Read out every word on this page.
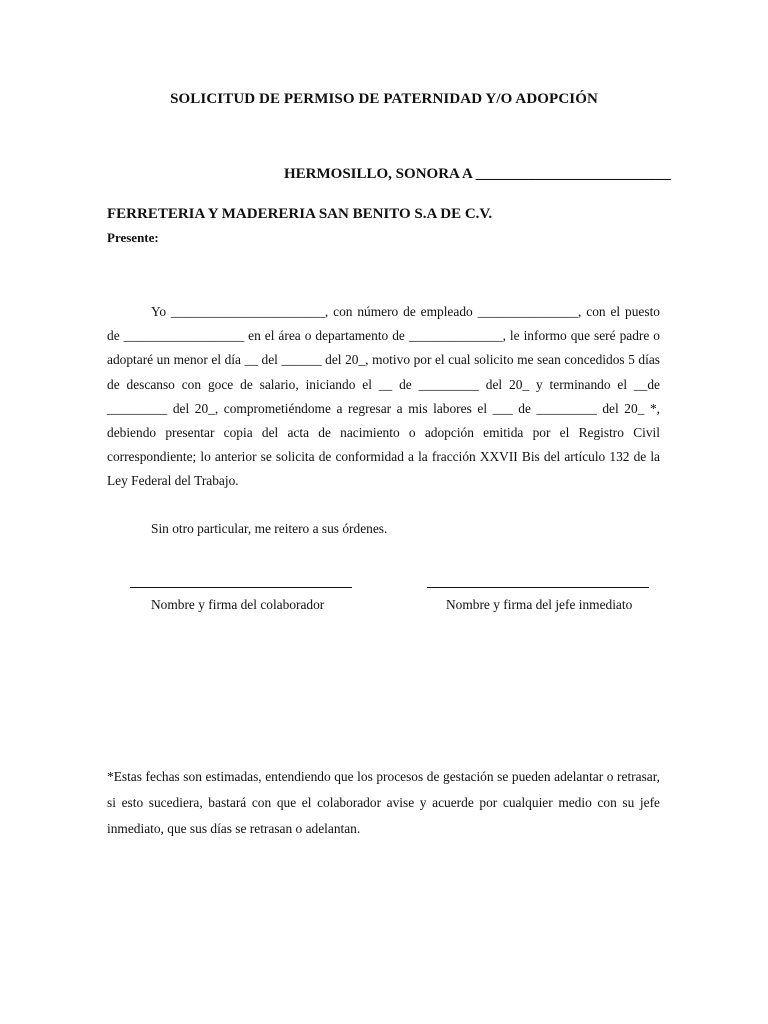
SOLICITUD DE PERMISO DE PATERNIDAD Y/O ADOPCIÓN
HERMOSILLO, SONORA A __________________________
FERRETERIA Y MADERERIA SAN BENITO S.A DE C.V.
Presente:

Yo _______________________, con número de empleado _______________, con el puesto de __________________ en el área o departamento de ______________, le informo que seré padre o adoptaré un menor el día __ del ______ del 20_, motivo por el cual solicito me sean concedidos 5 días de descanso con goce de salario, iniciando el __ de _________ del 20_ y terminando el __de _________ del 20_, comprometiéndome a regresar a mis labores el ___ de _________ del 20_ *, debiendo presentar copia del acta de nacimiento o adopción emitida por el Registro Civil correspondiente; lo anterior se solicita de conformidad a la fracción XXVII Bis del artículo 132 de la Ley Federal del Trabajo.

Sin otro particular, me reitero a sus órdenes.
Nombre y firma del colaborador	Nombre y firma del jefe inmediato

*Estas fechas son estimadas, entendiendo que los procesos de gestación se pueden adelantar o retrasar, si esto sucediera, bastará con que el colaborador avise y acuerde por cualquier medio con su jefe inmediato, que sus días se retrasan o adelantan.
